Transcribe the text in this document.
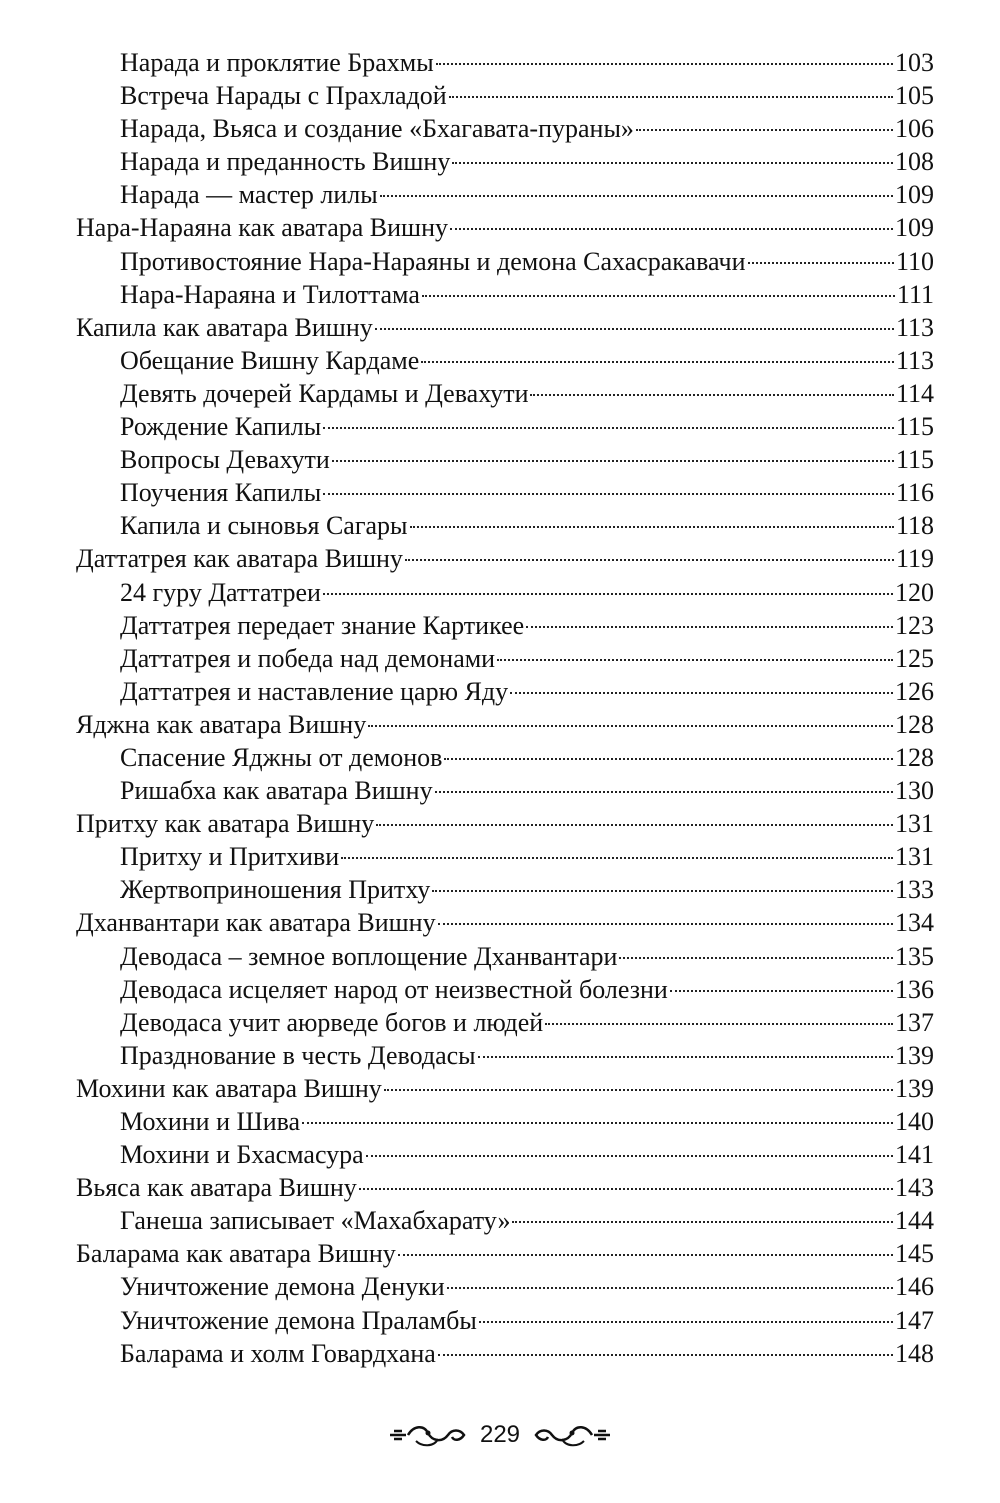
Нарада и проклятие Брахмы	103
Встреча Нарады с Прахладой	105
Нарада, Вьяса и создание «Бхагавата-пураны»	106
Нарада и преданность Вишну	108
Нарада — мастер лилы	109
Нара-Нараяна как аватара Вишну	109
Противостояние Нара-Нараяны и демона Сахасракавачи	110
Нара-Нараяна и Тилоттама	111
Капила как аватара Вишну	113
Обещание Вишну Кардаме	113
Девять дочерей Кардамы и Девахути	114
Рождение Капилы	115
Вопросы Девахути	115
Поучения Капилы	116
Капила и сыновья Сагары	118
Даттатрея как аватара Вишну	119
24 гуру Даттатреи	120
Даттатрея передает знание Картикее	123
Даттатрея и победа над демонами	125
Даттатрея и наставление царю Яду	126
Яджна как аватара Вишну	128
Спасение Яджны от демонов	128
Ришабха как аватара Вишну	130
Притху как аватара Вишну	131
Притху и Притхиви	131
Жертвоприношения Притху	133
Дханвантари как аватара Вишну	134
Деводаса – земное воплощение Дханвантари	135
Деводаса исцеляет народ от неизвестной болезни	136
Деводаса учит аюрведе богов и людей	137
Празднование в честь Деводасы	139
Мохини как аватара Вишну	139
Мохини и Шива	140
Мохини и Бхасмасура	141
Вьяса как аватара Вишну	143
Ганеша записывает «Махабхарату»	144
Баларама как аватара Вишну	145
Уничтожение демона Денуки	146
Уничтожение демона Праламбы	147
Баларама и холм Говардхана	148
229
